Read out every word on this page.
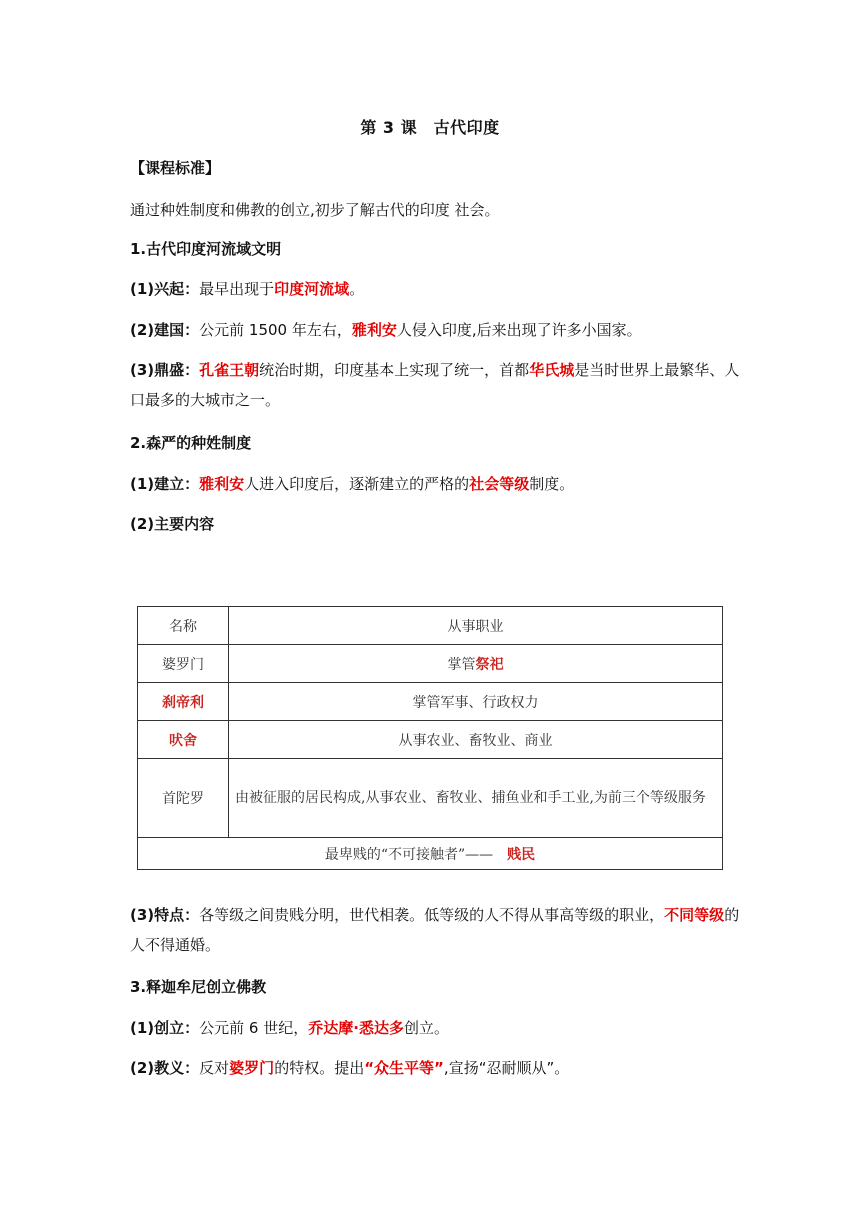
第 3 课　古代印度
【课程标准】
通过种姓制度和佛教的创立,初步了解古代的印度 社会。
1.古代印度河流域文明
(1)兴起：最早出现于印度河流域。
(2)建国：公元前 1500 年左右，雅利安人侵入印度,后来出现了许多小国家。
(3)鼎盛：孔雀王朝统治时期，印度基本上实现了统一，首都华氏城是当时世界上最繁华、人口最多的大城市之一。
2.森严的种姓制度
(1)建立：雅利安人进入印度后，逐渐建立的严格的社会等级制度。
(2)主要内容
名称	从事职业
婆罗门	掌管祭祀
刹帝利	掌管军事、行政权力
吠舍	从事农业、畜牧业、商业
首陀罗	由被征服的居民构成,从事农业、畜牧业、捕鱼业和手工业,为前三个等级服务
最卑贱的“不可接触者”——　贱民	
(3)特点：各等级之间贵贱分明，世代相袭。低等级的人不得从事高等级的职业，不同等级的人不得通婚。
3.释迦牟尼创立佛教
(1)创立：公元前 6 世纪，乔达摩·悉达多创立。
(2)教义：反对婆罗门的特权。提出“众生平等”,宣扬“忍耐顺从”。
